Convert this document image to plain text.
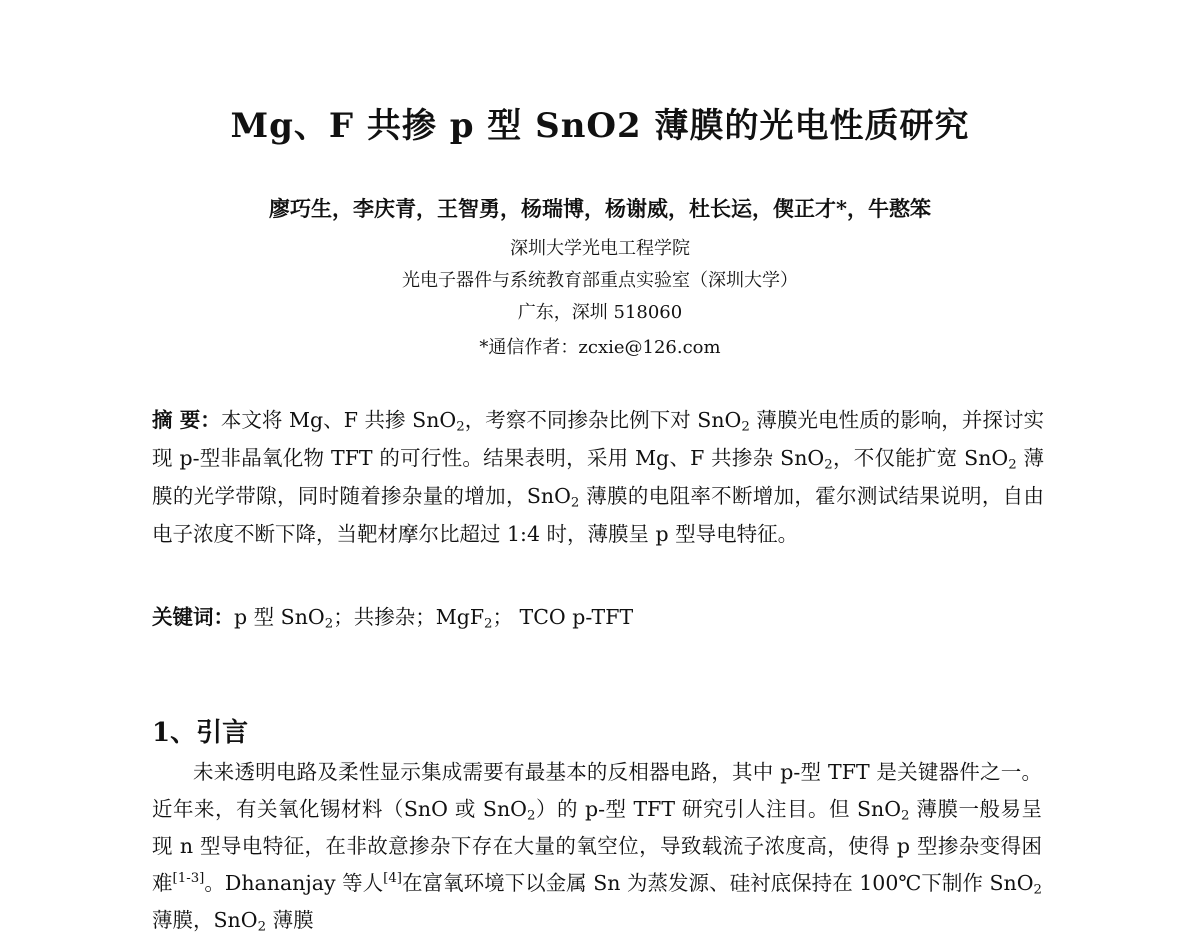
Mg、F 共掺 p 型 SnO2 薄膜的光电性质研究
廖巧生，李庆青，王智勇，杨瑞博，杨谢威，杜长运，偰正才*，牛憨笨
深圳大学光电工程学院
光电子器件与系统教育部重点实验室（深圳大学）
广东，深圳 518060
*通信作者：zcxie@126.com

摘 要：本文将 Mg、F 共掺 SnO$_2$，考察不同掺杂比例下对 SnO$_2$ 薄膜光电性质的影响，并探讨实现 p-型非晶氧化物 TFT 的可行性。结果表明，采用 Mg、F 共掺杂 SnO$_2$，不仅能扩宽 SnO$_2$ 薄膜的光学带隙，同时随着掺杂量的增加，SnO$_2$ 薄膜的电阻率不断增加，霍尔测试结果说明，自由电子浓度不断下降，当靶材摩尔比超过 1:4 时，薄膜呈 p 型导电特征。

关键词：p 型 SnO$_2$；共掺杂；MgF$_2$； TCO p-TFT
1、引言

未来透明电路及柔性显示集成需要有最基本的反相器电路，其中 p-型 TFT 是关键器件之一。近年来，有关氧化锡材料（SnO 或 SnO$_2$）的 p-型 TFT 研究引人注目。但 SnO$_2$ 薄膜一般易呈现 n 型导电特征，在非故意掺杂下存在大量的氧空位，导致载流子浓度高，使得 p 型掺杂变得困难[1-3]。Dhananjay 等人[4]在富氧环境下以金属 Sn 为蒸发源、硅衬底保持在 100℃下制作 SnO$_2$ 薄膜，SnO$_2$ 薄膜
